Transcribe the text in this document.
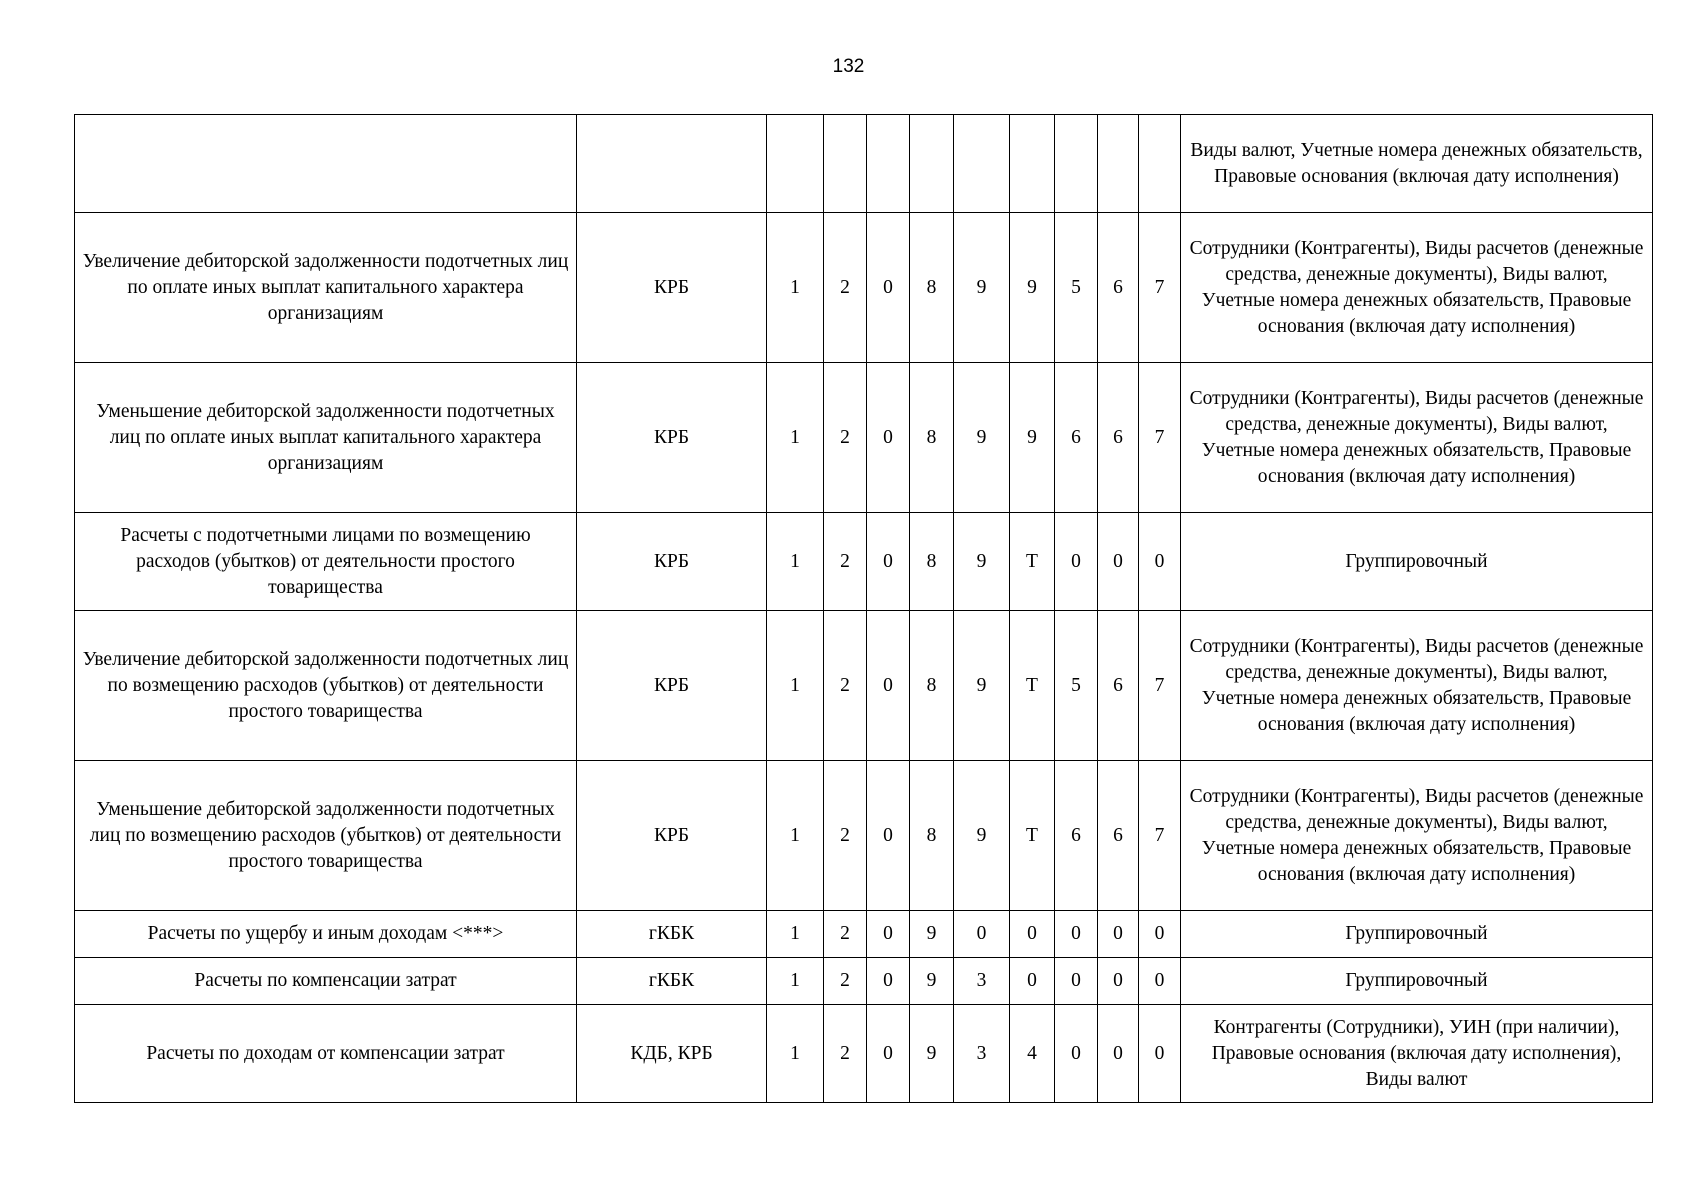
132
											Виды валют, Учетные номера денежных обязательств, Правовые основания (включая дату исполнения)
Увеличение дебиторской задолженности подотчетных лиц по оплате иных выплат капитального характера организациям	КРБ	1	2	0	8	9	9	5	6	7	Сотрудники (Контрагенты), Виды расчетов (денежные средства, денежные документы), Виды валют, Учетные номера денежных обязательств, Правовые основания (включая дату исполнения)
Уменьшение дебиторской задолженности подотчетных лиц по оплате иных выплат капитального характера организациям	КРБ	1	2	0	8	9	9	6	6	7	Сотрудники (Контрагенты), Виды расчетов (денежные средства, денежные документы), Виды валют, Учетные номера денежных обязательств, Правовые основания (включая дату исполнения)
Расчеты с подотчетными лицами по возмещению расходов (убытков) от деятельности простого товарищества	КРБ	1	2	0	8	9	Т	0	0	0	Группировочный
Увеличение дебиторской задолженности подотчетных лиц по возмещению расходов (убытков) от деятельности простого товарищества	КРБ	1	2	0	8	9	Т	5	6	7	Сотрудники (Контрагенты), Виды расчетов (денежные средства, денежные документы), Виды валют, Учетные номера денежных обязательств, Правовые основания (включая дату исполнения)
Уменьшение дебиторской задолженности подотчетных лиц по возмещению расходов (убытков) от деятельности простого товарищества	КРБ	1	2	0	8	9	Т	6	6	7	Сотрудники (Контрагенты), Виды расчетов (денежные средства, денежные документы), Виды валют, Учетные номера денежных обязательств, Правовые основания (включая дату исполнения)
Расчеты по ущербу и иным доходам <***>	гКБК	1	2	0	9	0	0	0	0	0	Группировочный
Расчеты по компенсации затрат	гКБК	1	2	0	9	3	0	0	0	0	Группировочный
Расчеты по доходам от компенсации затрат	КДБ, КРБ	1	2	0	9	3	4	0	0	0	Контрагенты (Сотрудники), УИН (при наличии), Правовые основания (включая дату исполнения), Виды валют
